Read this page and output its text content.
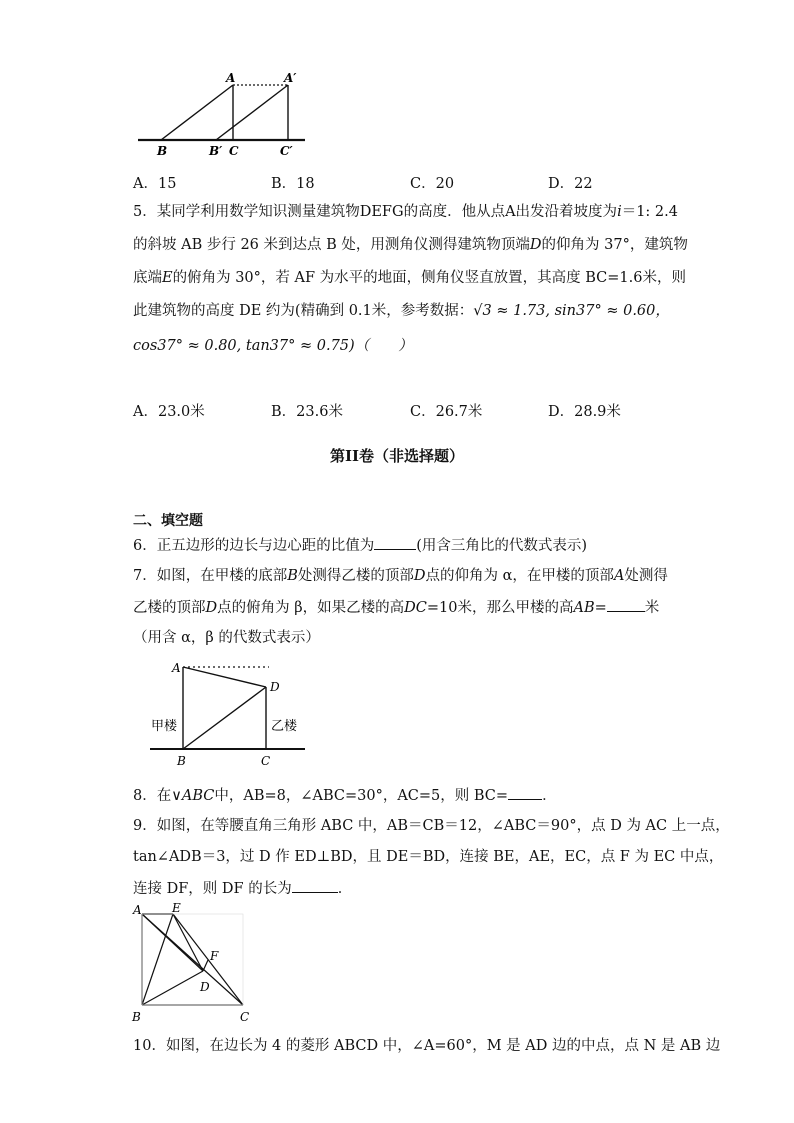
A	A′
B	B′ C	C′
A．15	B．18	C．20	D．22
5．某同学利用数学知识测量建筑物DEFG的高度．他从点A出发沿着坡度为i＝1: 2.4
的斜坡 AB 步行 26 米到达点 B 处，用测角仪测得建筑物顶端D的仰角为 37°，建筑物
底端E的俯角为 30°，若 AF 为水平的地面，侧角仪竖直放置，其高度 BC=1.6米，则
此建筑物的高度 DE 约为(精确到 0.1米，参考数据：√3 ≈ 1.73, sin37° ≈ 0.60，
cos37° ≈ 0.80, tan37° ≈ 0.75)（　　）
A．23.0米	B．23.6米	C．26.7米	D．28.9米
第II卷（非选择题）
二、填空题
6．正五边形的边长与边心距的比值为	(用含三角比的代数式表示)
7．如图，在甲楼的底部B处测得乙楼的顶部D点的仰角为 α，在甲楼的顶部A处测得
乙楼的顶部D点的俯角为 β，如果乙楼的高DC=10米，那么甲楼的高AB=	米
（用含 α，β 的代数式表示）
A
D
B	C
甲楼	乙楼
8．在∨ABC中，AB=8，∠ABC=30°，AC=5，则 BC= ．
9．如图，在等腰直角三角形 ABC 中，AB＝CB＝12，∠ABC＝90°，点 D 为 AC 上一点，
tan∠ADB＝3，过 D 作 ED⊥BD，且 DE＝BD，连接 BE，AE，EC，点 F 为 EC 中点，
连接 DF，则 DF 的长为	．
A	E
F
D
B	C
10．如图，在边长为 4 的菱形 ABCD 中，∠A=60°，M 是 AD 边的中点，点 N 是 AB 边
